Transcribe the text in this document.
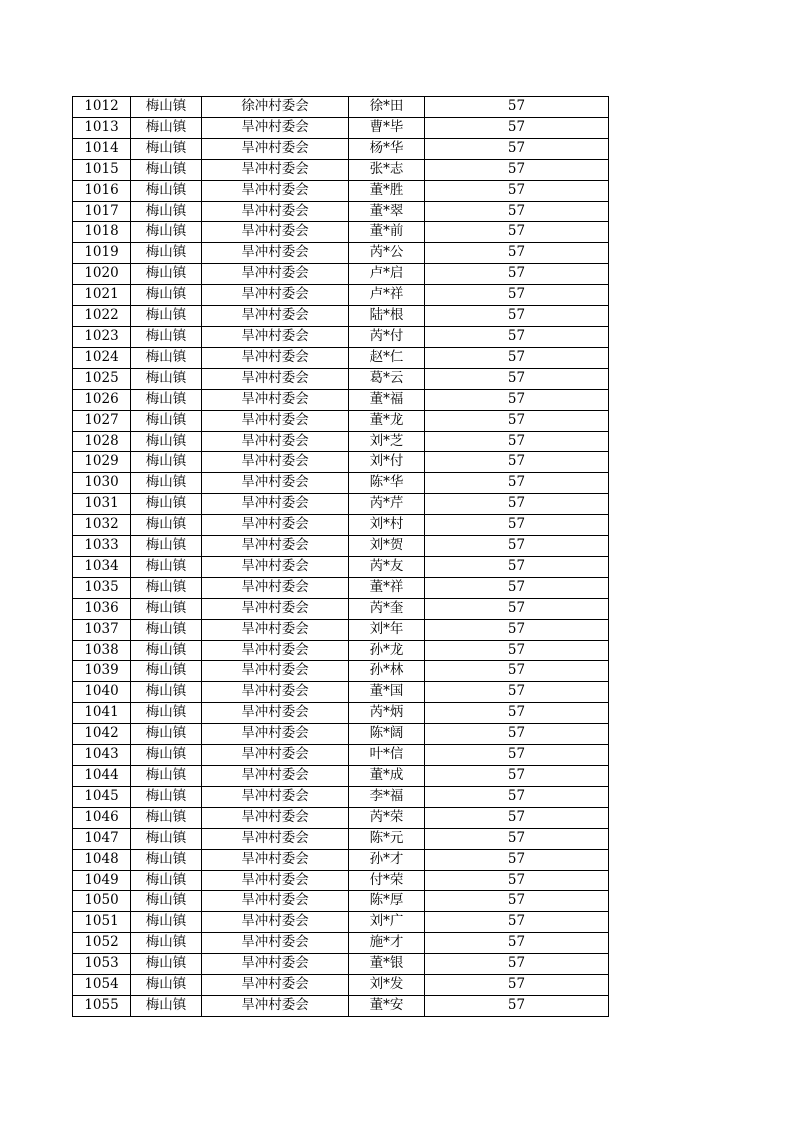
1012	梅山镇	徐冲村委会	徐*田	57
1013	梅山镇	旱冲村委会	曹*毕	57
1014	梅山镇	旱冲村委会	杨*华	57
1015	梅山镇	旱冲村委会	张*志	57
1016	梅山镇	旱冲村委会	董*胜	57
1017	梅山镇	旱冲村委会	董*翠	57
1018	梅山镇	旱冲村委会	董*前	57
1019	梅山镇	旱冲村委会	芮*公	57
1020	梅山镇	旱冲村委会	卢*启	57
1021	梅山镇	旱冲村委会	卢*祥	57
1022	梅山镇	旱冲村委会	陆*根	57
1023	梅山镇	旱冲村委会	芮*付	57
1024	梅山镇	旱冲村委会	赵*仁	57
1025	梅山镇	旱冲村委会	葛*云	57
1026	梅山镇	旱冲村委会	董*福	57
1027	梅山镇	旱冲村委会	董*龙	57
1028	梅山镇	旱冲村委会	刘*芝	57
1029	梅山镇	旱冲村委会	刘*付	57
1030	梅山镇	旱冲村委会	陈*华	57
1031	梅山镇	旱冲村委会	芮*芹	57
1032	梅山镇	旱冲村委会	刘*村	57
1033	梅山镇	旱冲村委会	刘*贺	57
1034	梅山镇	旱冲村委会	芮*友	57
1035	梅山镇	旱冲村委会	董*祥	57
1036	梅山镇	旱冲村委会	芮*奎	57
1037	梅山镇	旱冲村委会	刘*年	57
1038	梅山镇	旱冲村委会	孙*龙	57
1039	梅山镇	旱冲村委会	孙*林	57
1040	梅山镇	旱冲村委会	董*国	57
1041	梅山镇	旱冲村委会	芮*炳	57
1042	梅山镇	旱冲村委会	陈*阔	57
1043	梅山镇	旱冲村委会	叶*信	57
1044	梅山镇	旱冲村委会	董*成	57
1045	梅山镇	旱冲村委会	李*福	57
1046	梅山镇	旱冲村委会	芮*荣	57
1047	梅山镇	旱冲村委会	陈*元	57
1048	梅山镇	旱冲村委会	孙*才	57
1049	梅山镇	旱冲村委会	付*荣	57
1050	梅山镇	旱冲村委会	陈*厚	57
1051	梅山镇	旱冲村委会	刘*广	57
1052	梅山镇	旱冲村委会	施*才	57
1053	梅山镇	旱冲村委会	董*银	57
1054	梅山镇	旱冲村委会	刘*发	57
1055	梅山镇	旱冲村委会	董*安	57
